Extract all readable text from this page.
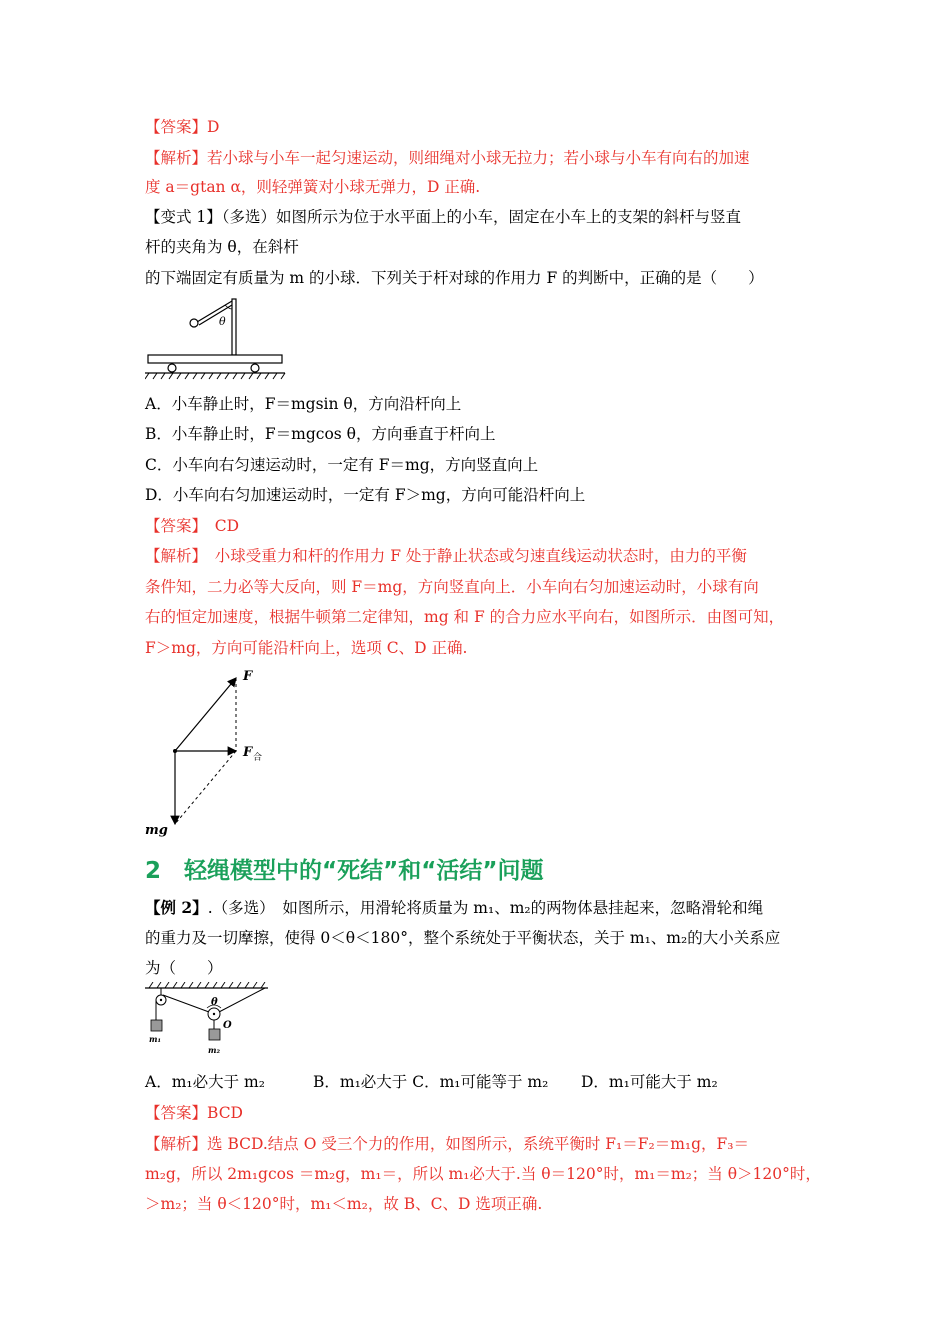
【答案】D
【解析】若小球与小车一起匀速运动，则细绳对小球无拉力；若小球与小车有向右的加速
度 a＝gtan α，则轻弹簧对小球无弹力，D 正确.
【变式 1】（多选）如图所示为位于水平面上的小车，固定在小车上的支架的斜杆与竖直
杆的夹角为 θ，在斜杆
的下端固定有质量为 m 的小球．下列关于杆对球的作用力 F 的判断中，正确的是（　　）
θ
A．小车静止时，F＝mgsin θ，方向沿杆向上
B．小车静止时，F＝mgcos θ，方向垂直于杆向上
C．小车向右匀速运动时，一定有 F＝mg，方向竖直向上
D．小车向右匀加速运动时，一定有 F＞mg，方向可能沿杆向上
【答案】　CD
【解析】　小球受重力和杆的作用力 F 处于静止状态或匀速直线运动状态时，由力的平衡
条件知，二力必等大反向，则 F＝mg，方向竖直向上．小车向右匀加速运动时，小球有向
右的恒定加速度，根据牛顿第二定律知，mg 和 F 的合力应水平向右，如图所示．由图可知，
F＞mg，方向可能沿杆向上，选项 C、D 正确.
F
F 合
mg
2　轻绳模型中的“死结”和“活结”问题
【例 2】.（多选）　如图所示，用滑轮将质量为 m₁、m₂的两物体悬挂起来，忽略滑轮和绳
的重力及一切摩擦，使得 0＜θ＜180°，整个系统处于平衡状态，关于 m₁、m₂的大小关系应
为（　　）
θ
O
m₁
m₂
A．m₁必大于 m₂	B．m₁必大于 C．m₁可能等于 m₂ D．m₁可能大于 m₂
【答案】BCD
【解析】选 BCD.结点 O 受三个力的作用，如图所示，系统平衡时 F₁＝F₂＝m₁g，F₃＝
m₂g，所以 2m₁gcos ＝m₂g，m₁＝，所以 m₁必大于.当 θ＝120°时，m₁＝m₂；当 θ＞120°时，
＞m₂；当 θ＜120°时，m₁＜m₂，故 B、C、D 选项正确.
